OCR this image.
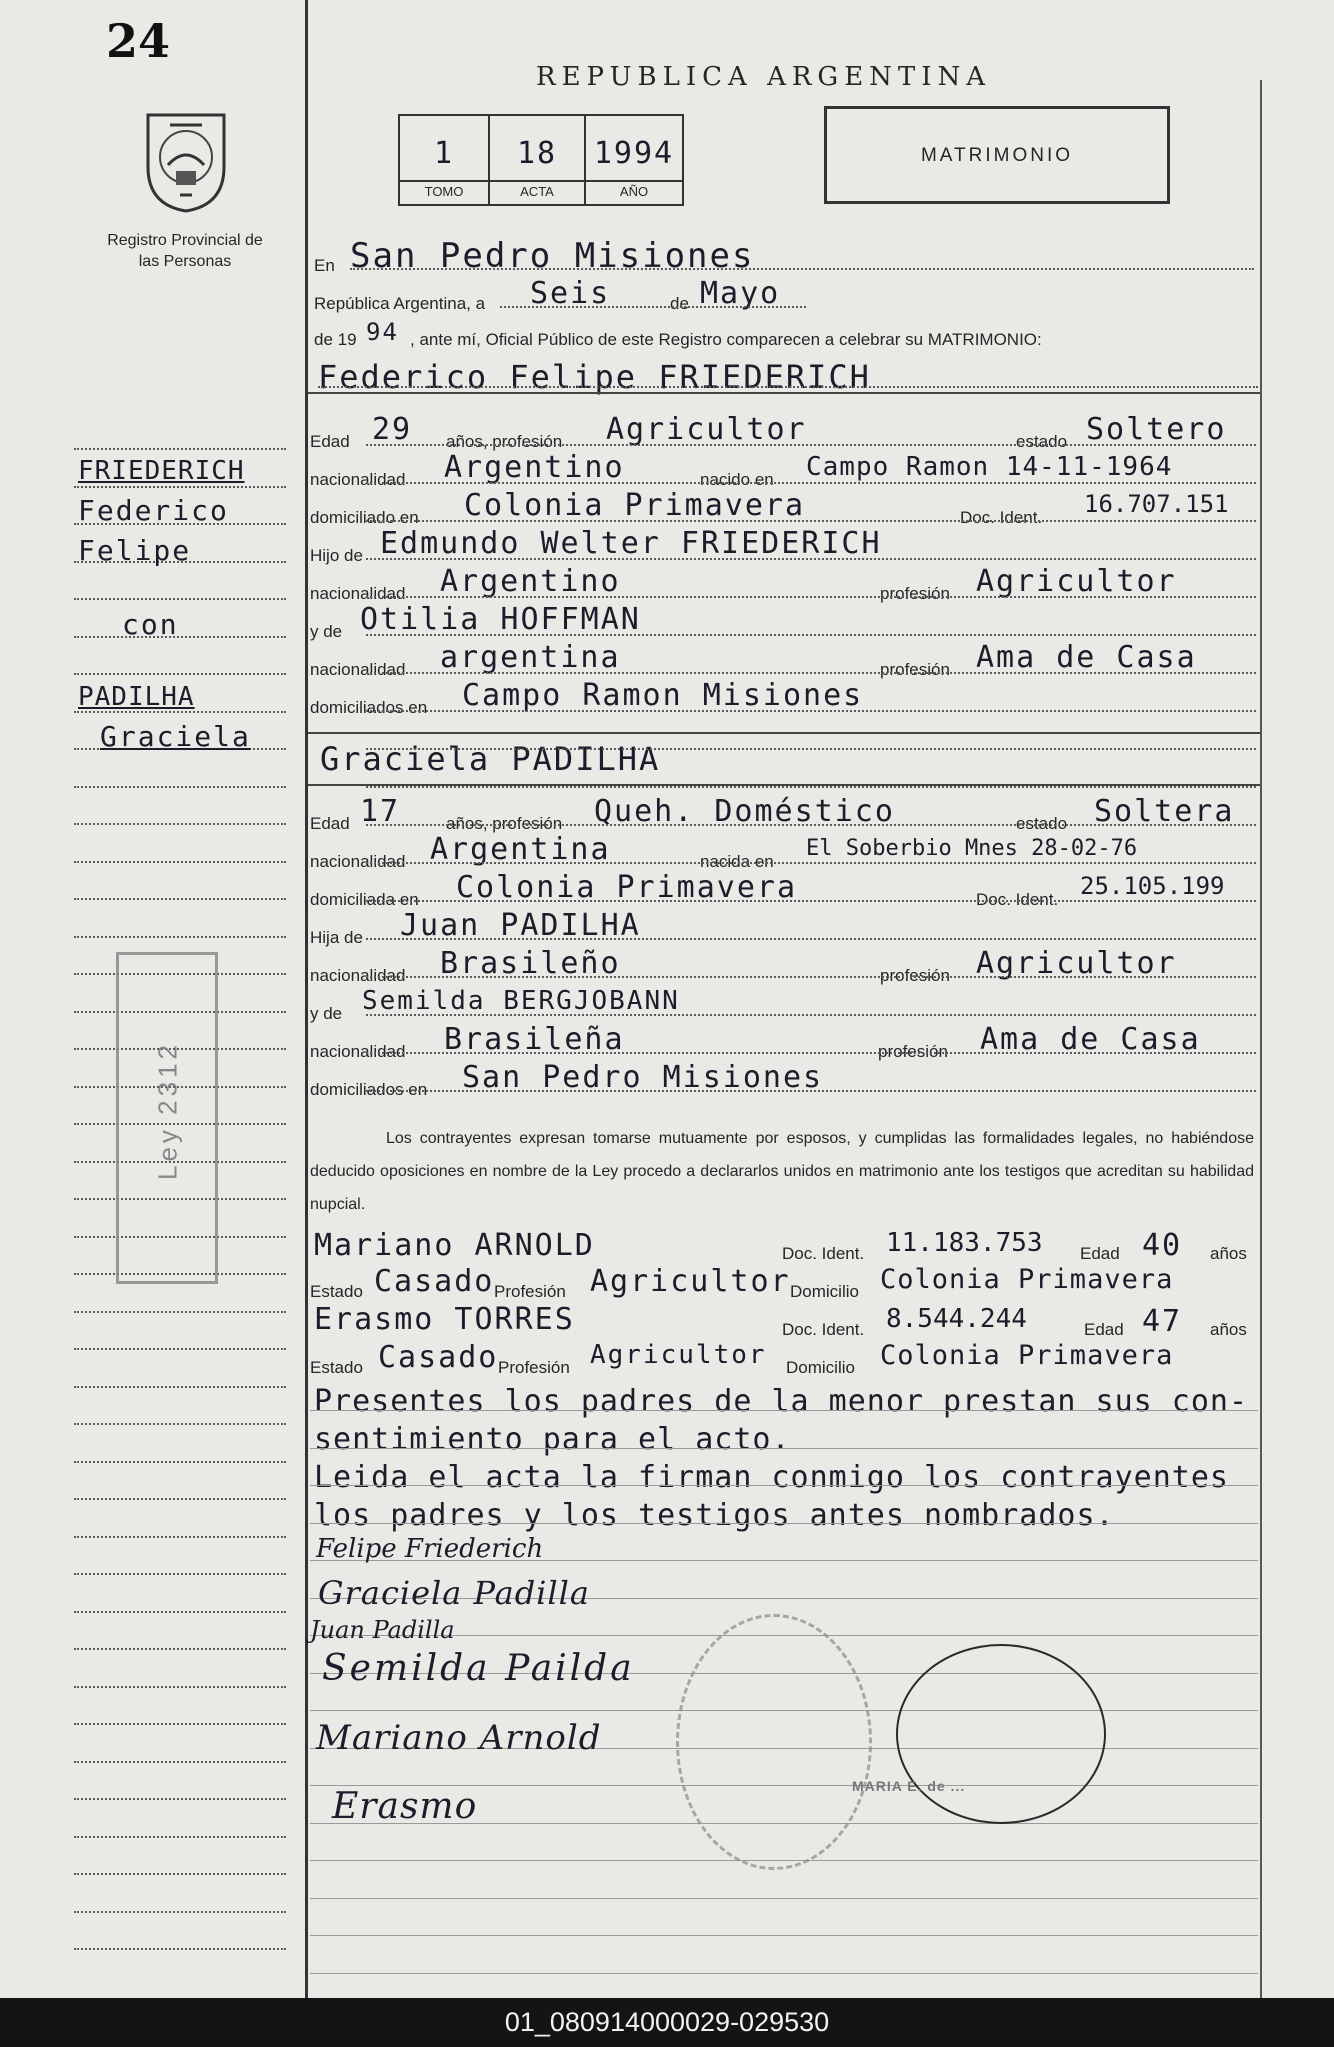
24
Registro Provincial de las Personas
REPUBLICA ARGENTINA
1	18	1994
TOMO	ACTA	AÑO
MATRIMONIO
En San Pedro Misiones
República Argentina, a Seis	de Mayo
de 19 94 , ante mí, Oficial Público de este Registro comparecen a celebrar su MATRIMONIO:
Federico Felipe FRIEDERICH
Edad 29 años, profesión Agricultor	estado Soltero
nacionalidad Argentino	nacido en Campo Ramon 14-11-1964
domiciliado en Colonia Primavera	Doc. Ident. 16.707.151
Hijo de Edmundo Welter FRIEDERICH
nacionalidad Argentino	profesión Agricultor
y de Otilia HOFFMAN
nacionalidad argentina	profesión Ama de Casa
domiciliados en Campo Ramon Misiones
Graciela PADILHA
Edad 17	años, profesión Queh. Doméstico	estado Soltera
nacionalidad Argentina	nacida en
El Soberbio Mnes 28-02-76
domiciliada en Colonia Primavera	Doc. Ident. 25.105.199
Hija de Juan PADILHA
nacionalidad Brasileño	profesión Agricultor
y de Semilda BERGJOBANN
nacionalidad Brasileña	profesión Ama de Casa
domiciliados en San Pedro Misiones
Los contrayentes expresan tomarse mutuamente por esposos, y cumplidas las formalidades legales, no habiéndose deducido oposiciones en nombre de la Ley procedo a declararlos unidos en matrimonio ante los testigos que acreditan su habilidad nupcial.
Mariano ARNOLD	Doc. Ident. 11.183.753 Edad 40 años
Estado Casado Profesión Agricultor Domicilio Colonia Primavera
Erasmo TORRES	Doc. Ident. 8.544.244	Edad 47 años
Estado Casado Profesión Agricultor Domicilio Colonia Primavera
Presentes los padres de la menor prestan sus con-
sentimiento para el acto.
Leida el acta la firman conmigo los contrayentes
los padres y los testigos antes nombrados.
MARIA E. de ...
Felipe Friederich
Graciela Padilla
Juan Padilla
Semilda Pailda
Mariano Arnold
Erasmo
FRIEDERICH
Federico
Felipe
con
PADILHA
Graciela
Ley 2312
01_080914000029-029530
